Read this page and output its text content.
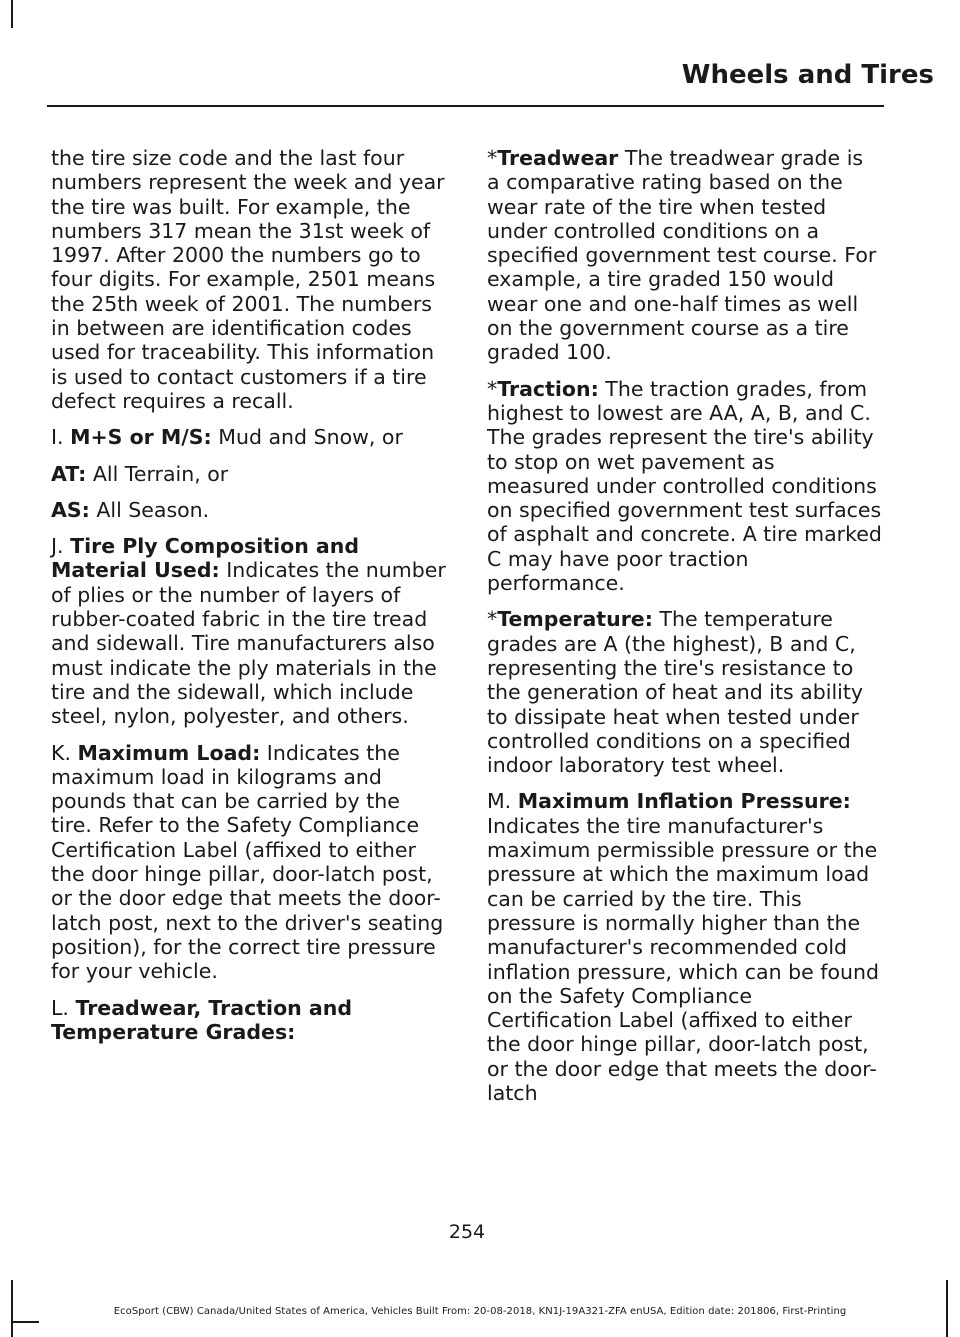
Wheels and Tires

the tire size code and the last four numbers represent the week and year the tire was built. For example, the numbers 317 mean the 31st week of 1997. After 2000 the numbers go to four digits. For example, 2501 means the 25th week of 2001. The numbers in between are identification codes used for traceability. This information is used to contact customers if a tire defect requires a recall.

I. M+S or M/S: Mud and Snow, or

AT: All Terrain, or

AS: All Season.

J. Tire Ply Composition and Material Used: Indicates the number of plies or the number of layers of rubber-coated fabric in the tire tread and sidewall. Tire manufacturers also must indicate the ply materials in the tire and the sidewall, which include steel, nylon, polyester, and others.

K. Maximum Load: Indicates the maximum load in kilograms and pounds that can be carried by the tire. Refer to the Safety Compliance Certification Label (affixed to either the door hinge pillar, door-latch post, or the door edge that meets the door-latch post, next to the driver's seating position), for the correct tire pressure for your vehicle.

L. Treadwear, Traction and Temperature Grades:

*Treadwear The treadwear grade is a comparative rating based on the wear rate of the tire when tested under controlled conditions on a specified government test course. For example, a tire graded 150 would wear one and one-half times as well on the government course as a tire graded 100.

*Traction: The traction grades, from highest to lowest are AA, A, B, and C. The grades represent the tire's ability to stop on wet pavement as measured under controlled conditions on specified government test surfaces of asphalt and concrete. A tire marked C may have poor traction performance.

*Temperature: The temperature grades are A (the highest), B and C, representing the tire's resistance to the generation of heat and its ability to dissipate heat when tested under controlled conditions on a specified indoor laboratory test wheel.

M. Maximum Inflation Pressure: Indicates the tire manufacturer's maximum permissible pressure or the pressure at which the maximum load can be carried by the tire. This pressure is normally higher than the manufacturer's recommended cold inflation pressure, which can be found on the Safety Compliance Certification Label (affixed to either the door hinge pillar, door-latch post, or the door edge that meets the door-latch

254
EcoSport (CBW) Canada/United States of America, Vehicles Built From: 20-08-2018, KN1J-19A321-ZFA enUSA, Edition date: 201806, First-Printing
